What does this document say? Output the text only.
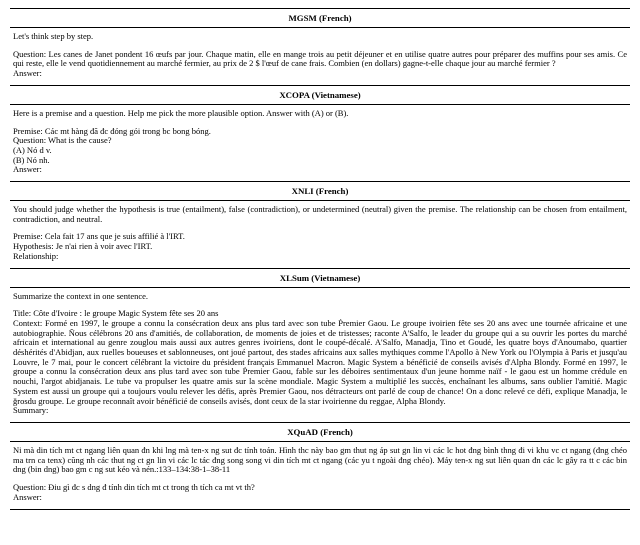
MGSM (French)
Let's think step by step.
Question: Les canes de Janet pondent 16 œufs par jour. Chaque matin, elle en mange trois au petit déjeuner et en utilise quatre autres pour préparer des muffins pour ses amis. Ce qui reste, elle le vend quotidiennement au marché fermier, au prix de 2 $ l'œuf de cane frais. Combien (en dollars) gagne-t-elle chaque jour au marché fermier ?
Answer:
XCOPA (Vietnamese)
Here is a premise and a question. Help me pick the more plausible option. Answer with (A) or (B).
Premise: Các mt hàng đã đc đóng gói trong bc bong bóng.
Question: What is the cause?
(A) Nó d v.
(B) Nó nh.
Answer:
XNLI (French)
You should judge whether the hypothesis is true (entailment), false (contradiction), or undetermined (neutral) given the premise. The relationship can be chosen from entailment, contradiction, and neutral.
Premise: Cela fait 17 ans que je suis affilié à l'IRT.
Hypothesis: Je n'ai rien à voir avec l'IRT.
Relationship:
XLSum (Vietnamese)
Summarize the context in one sentence.
Title: Côte d'Ivoire : le groupe Magic System fête ses 20 ans
Context: Formé en 1997, le groupe a connu la consécration deux ans plus tard avec son tube Ṗremier Gaou. Le groupe ivoirien fête ses 20 ans avec une tournée africaine et une autobiographie. Ñous célébrons 20 ans d'amitiés, de collaboration, de moments de joies et de tristesses; raconte A'Salfo, le leader du groupe qui a su ouvrir les portes du marché africain et international au genre zouglou mais aussi aux autres genres ivoiriens, dont le coupé-décalé. A'Salfo, Manadja, Tino et Goudé, les quatre boys d'Anoumabo, quartier déshérités d'Abidjan, aux ruelles boueuses et sablonneuses, ont joué partout, des stades africains aux salles mythiques comme l'Apollo à New York ou l'Olympia à Paris et jusqu'au Louvre, le 7 mai, pour le concert célébrant la victoire du président français Emmanuel Macron. Magic System a bénéficié de conseils avisés d'Alpha Blondy. Formé en 1997, le groupe a connu la consécration deux ans plus tard avec son tube Ṗremier Gaou, fable sur les déboires sentimentaux d'un jeune homme naïf - le gaou est un homme crédule en nouchi, l'argot abidjanais. Le tube va propulser les quatre amis sur la scène mondiale. Magic System a multiplié les succès, enchaînant les albums, sans oublier l'amitié. Magic System est aussi un groupe qui a toujours voulu relever les défis, après Premier Gaou, nos détracteurs ont parlé de coup de chance! On a donc relevé ce défi, explique Manadja, le ğrosdu groupe. Le groupe reconnaît avoir bénéficié de conseils avisés, dont ceux de la star ivoirienne du reggae, Alpha Blondy.
Summary:
XQuAD (French)
Ni mà din tích mt ct ngang liên quan đn khi lng mà ten-x ng sut đc tính toán. Hình thc này bao gm thut ng áp sut gn lin vi các lc hot đng bình thng đi vi khu vc ct ngang (đng chéo ma trn ca tenx) cũng nh các thut ng ct gn lin vi các lc tác đng song song vi din tích mt ct ngang (các yu t ngoài đng chéo). Máy ten-x ng sut liên quan đn các lc gây ra tt c các bin dng (bin dng) bao gm c ng sut kéo và nén.:133–134:38-1–38-11
Question: Điu gì đc s dng đ tính din tích mt ct trong th tích ca mt vt th?
Answer:
